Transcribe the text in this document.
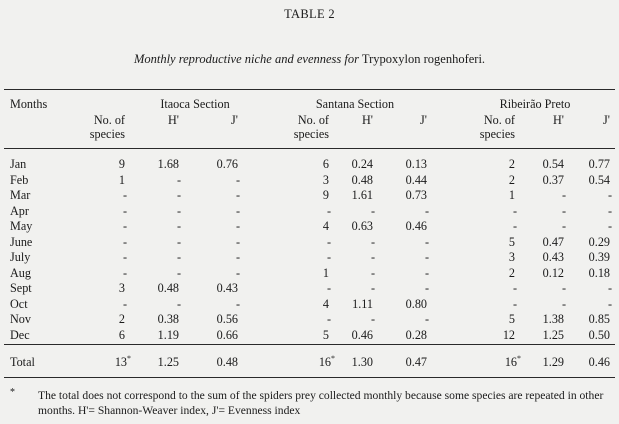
TABLE 2
Monthly reproductive niche and evenness for Trypoxylon rogenhoferi.
Months	Itaoca Section	Santana Section	Ribeirão Preto
No. of
species
H'	J'	No. of
species
H'	J'	No. of
species
H'	J'
Jan	9	1.68	0.76	6 0.24	0.13	2 0.54 0.77
Feb	1	-	-	3 0.48	0.44	2 0.37 0.54
Mar	-	-	-	9 1.61	0.73	1	-	-
Apr	-	-	-	-	-	-	-	-	-
May	-	-	-	4 0.63	0.46	-	-	-
June	-	-	-	-	-	-	5 0.47 0.29
July	-	-	-	-	-	-	3 0.43 0.39
Aug	-	-	-	1	-	-	2 0.12 0.18
Sept	3	0.48	0.43	-	-	-	-	-	-
Oct	-	-	-	4 1.11	0.80	-	-	-
Nov	2	0.38	0.56	-	-	-	5 1.38 0.85
Dec	6	1.19	0.66	5 0.46	0.28	12 1.25 0.50
Total	13* 1.25	0.48	16* 1.30	0.47	16* 1.29 0.46
* The total does not correspond to the sum of the spiders prey collected monthly because some species are repeated in other months. H'= Shannon-Weaver index, J'= Evenness index
